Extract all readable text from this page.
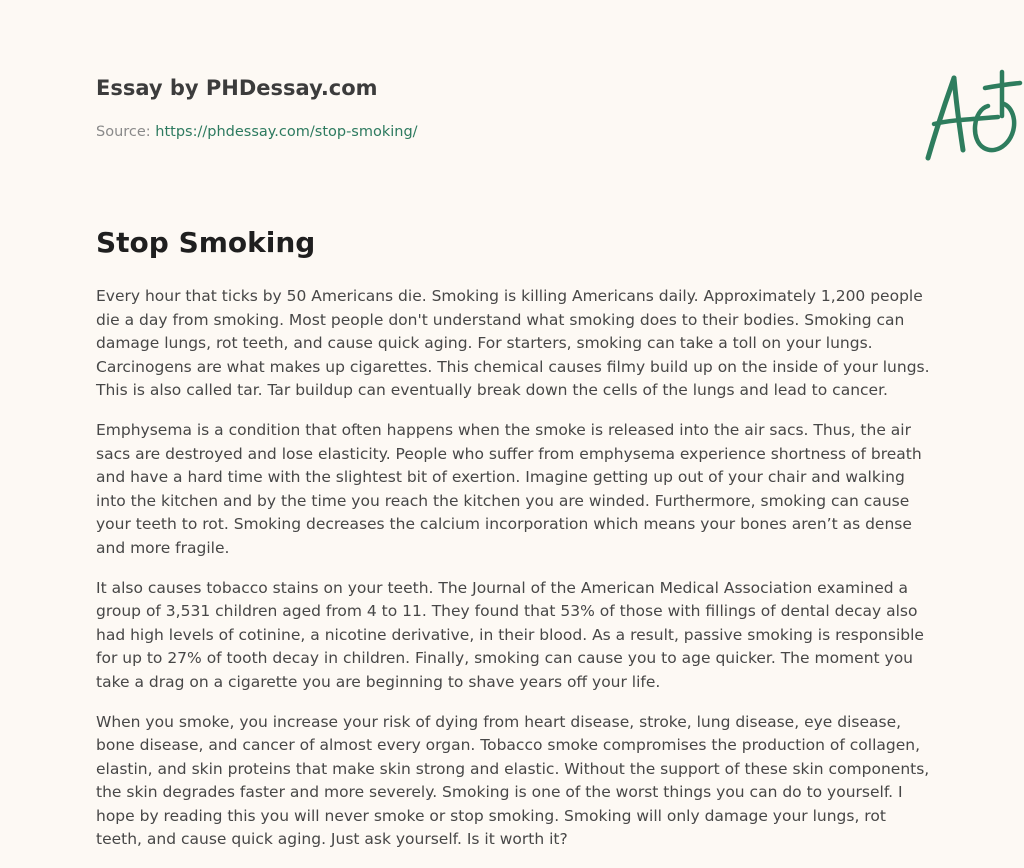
Essay by PHDessay.com
Source: https://phdessay.com/stop-smoking/
Stop Smoking

Every hour that ticks by 50 Americans die. Smoking is killing Americans daily. Approximately 1,200 people die a day from smoking. Most people don't understand what smoking does to their bodies. Smoking can damage lungs, rot teeth, and cause quick aging. For starters, smoking can take a toll on your lungs. Carcinogens are what makes up cigarettes. This chemical causes filmy build up on the inside of your lungs. This is also called tar. Tar buildup can eventually break down the cells of the lungs and lead to cancer.

Emphysema is a condition that often happens when the smoke is released into the air sacs. Thus, the air sacs are destroyed and lose elasticity. People who suffer from emphysema experience shortness of breath and have a hard time with the slightest bit of exertion. Imagine getting up out of your chair and walking into the kitchen and by the time you reach the kitchen you are winded. Furthermore, smoking can cause your teeth to rot. Smoking decreases the calcium incorporation which means your bones aren’t as dense and more fragile.

It also causes tobacco stains on your teeth. The Journal of the American Medical Association examined a group of 3,531 children aged from 4 to 11. They found that 53% of those with fillings of dental decay also had high levels of cotinine, a nicotine derivative, in their blood. As a result, passive smoking is responsible for up to 27% of tooth decay in children. Finally, smoking can cause you to age quicker. The moment you take a drag on a cigarette you are beginning to shave years off your life.

When you smoke, you increase your risk of dying from heart disease, stroke, lung disease, eye disease, bone disease, and cancer of almost every organ. Tobacco smoke compromises the production of collagen, elastin, and skin proteins that make skin strong and elastic. Without the support of these skin components, the skin degrades faster and more severely. Smoking is one of the worst things you can do to yourself. I hope by reading this you will never smoke or stop smoking. Smoking will only damage your lungs, rot teeth, and cause quick aging. Just ask yourself. Is it worth it?
